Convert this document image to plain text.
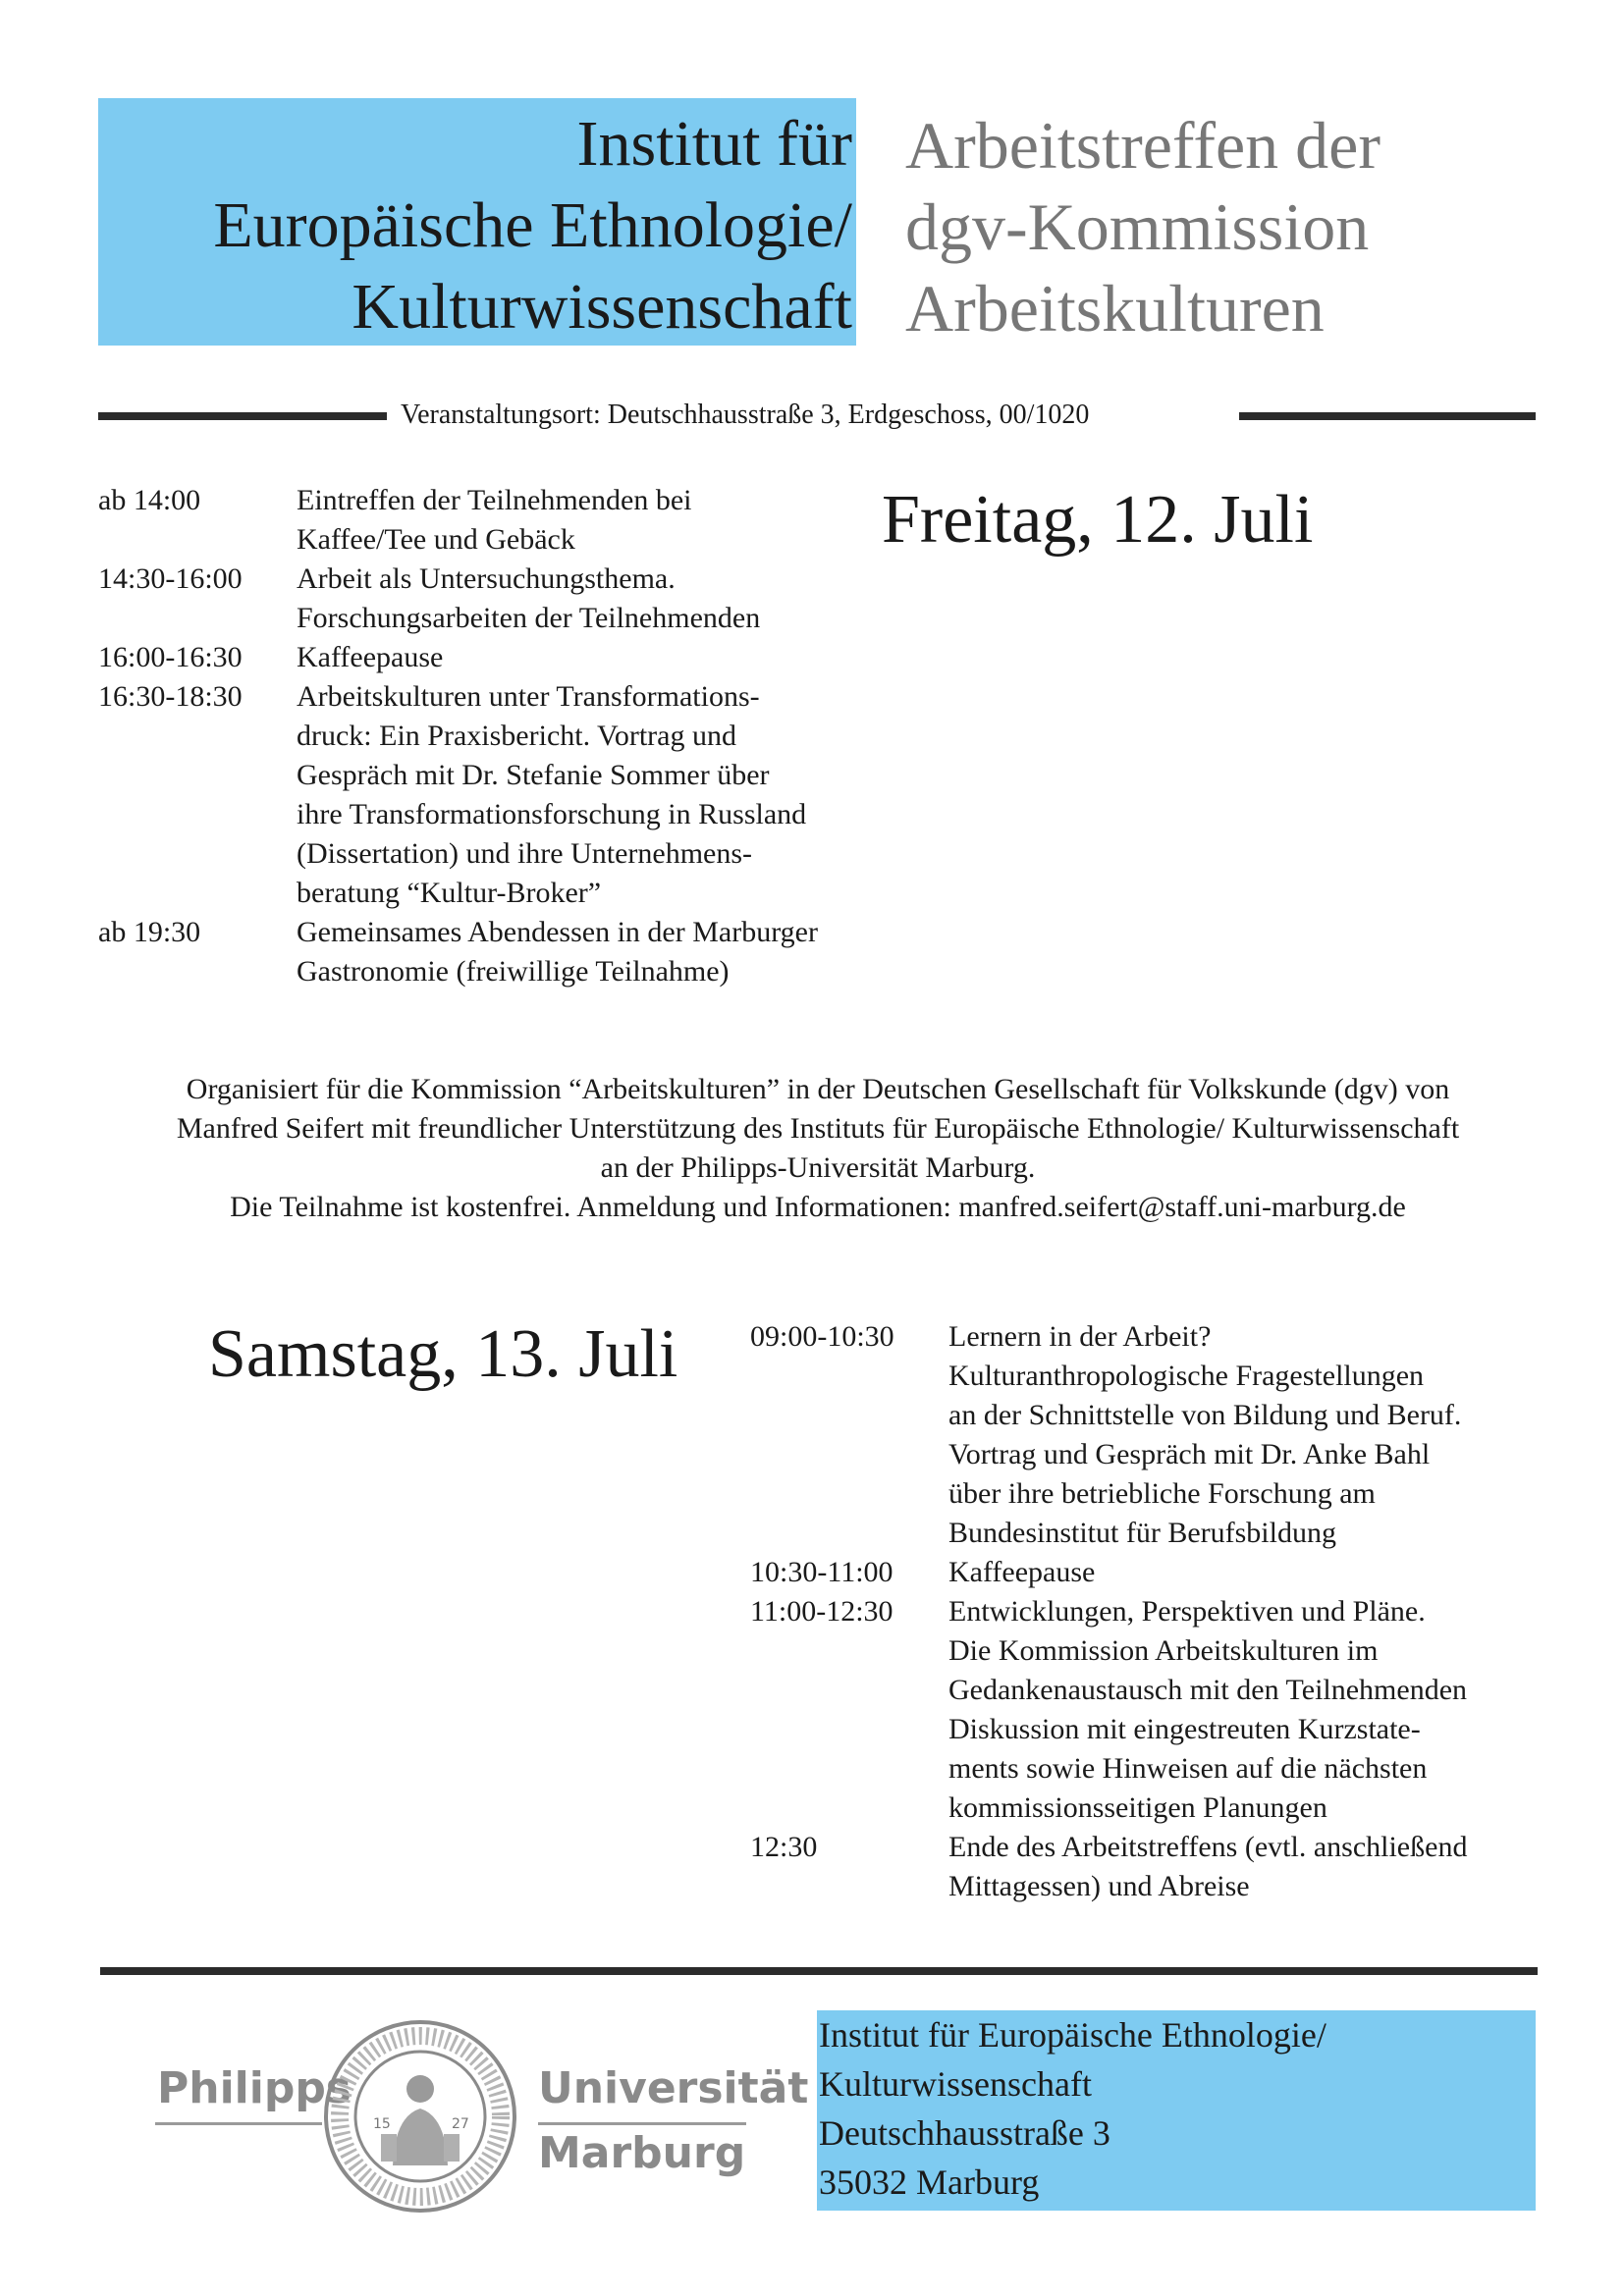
Institut für
Europäische Ethnologie/
Kulturwissenschaft
Arbeitstreffen der
dgv-Kommission
Arbeitskulturen
Veranstaltungsort: Deutschhausstraße 3, Erdgeschoss, 00/1020
Freitag, 12. Juli
ab 14:00	Eintreffen der Teilnehmenden bei
Kaffee/Tee und Gebäck
14:30-16:00 Arbeit als Untersuchungsthema.
Forschungsarbeiten der Teilnehmenden
16:00-16:30 Kaffeepause
16:30-18:30 Arbeitskulturen unter Transformations-
druck: Ein Praxisbericht. Vortrag und
Gespräch mit Dr. Stefanie Sommer über
ihre Transformationsforschung in Russland
(Dissertation) und ihre Unternehmens-
beratung “Kultur-Broker”
ab 19:30	Gemeinsames Abendessen in der Marburger
Gastronomie (freiwillige Teilnahme)
Organisiert für die Kommission “Arbeitskulturen” in der Deutschen Gesellschaft für Volkskunde (dgv) von
Manfred Seifert mit freundlicher Unterstützung des Instituts für Europäische Ethnologie/ Kulturwissenschaft
an der Philipps-Universität Marburg.
Die Teilnahme ist kostenfrei. Anmeldung und Informationen: manfred.seifert@staff.uni-marburg.de
Samstag, 13. Juli 09:00-10:30 Lernern in der Arbeit?
Kulturanthropologische Fragestellungen
an der Schnittstelle von Bildung und Beruf.
Vortrag und Gespräch mit Dr. Anke Bahl
über ihre betriebliche Forschung am
Bundesinstitut für Berufsbildung
10:30-11:00 Kaffeepause
11:00-12:30 Entwicklungen, Perspektiven und Pläne.
Die Kommission Arbeitskulturen im
Gedankenaustausch mit den Teilnehmenden
Diskussion mit eingestreuten Kurzstate-
ments sowie Hinweisen auf die nächsten
kommissionsseitigen Planungen
12:30	Ende des Arbeitstreffens (evtl. anschließend
Mittagessen) und Abreise
Philipps
15	27
Universität
Marburg
Institut für Europäische Ethnologie/
Kulturwissenschaft
Deutschhausstraße 3
35032 Marburg
